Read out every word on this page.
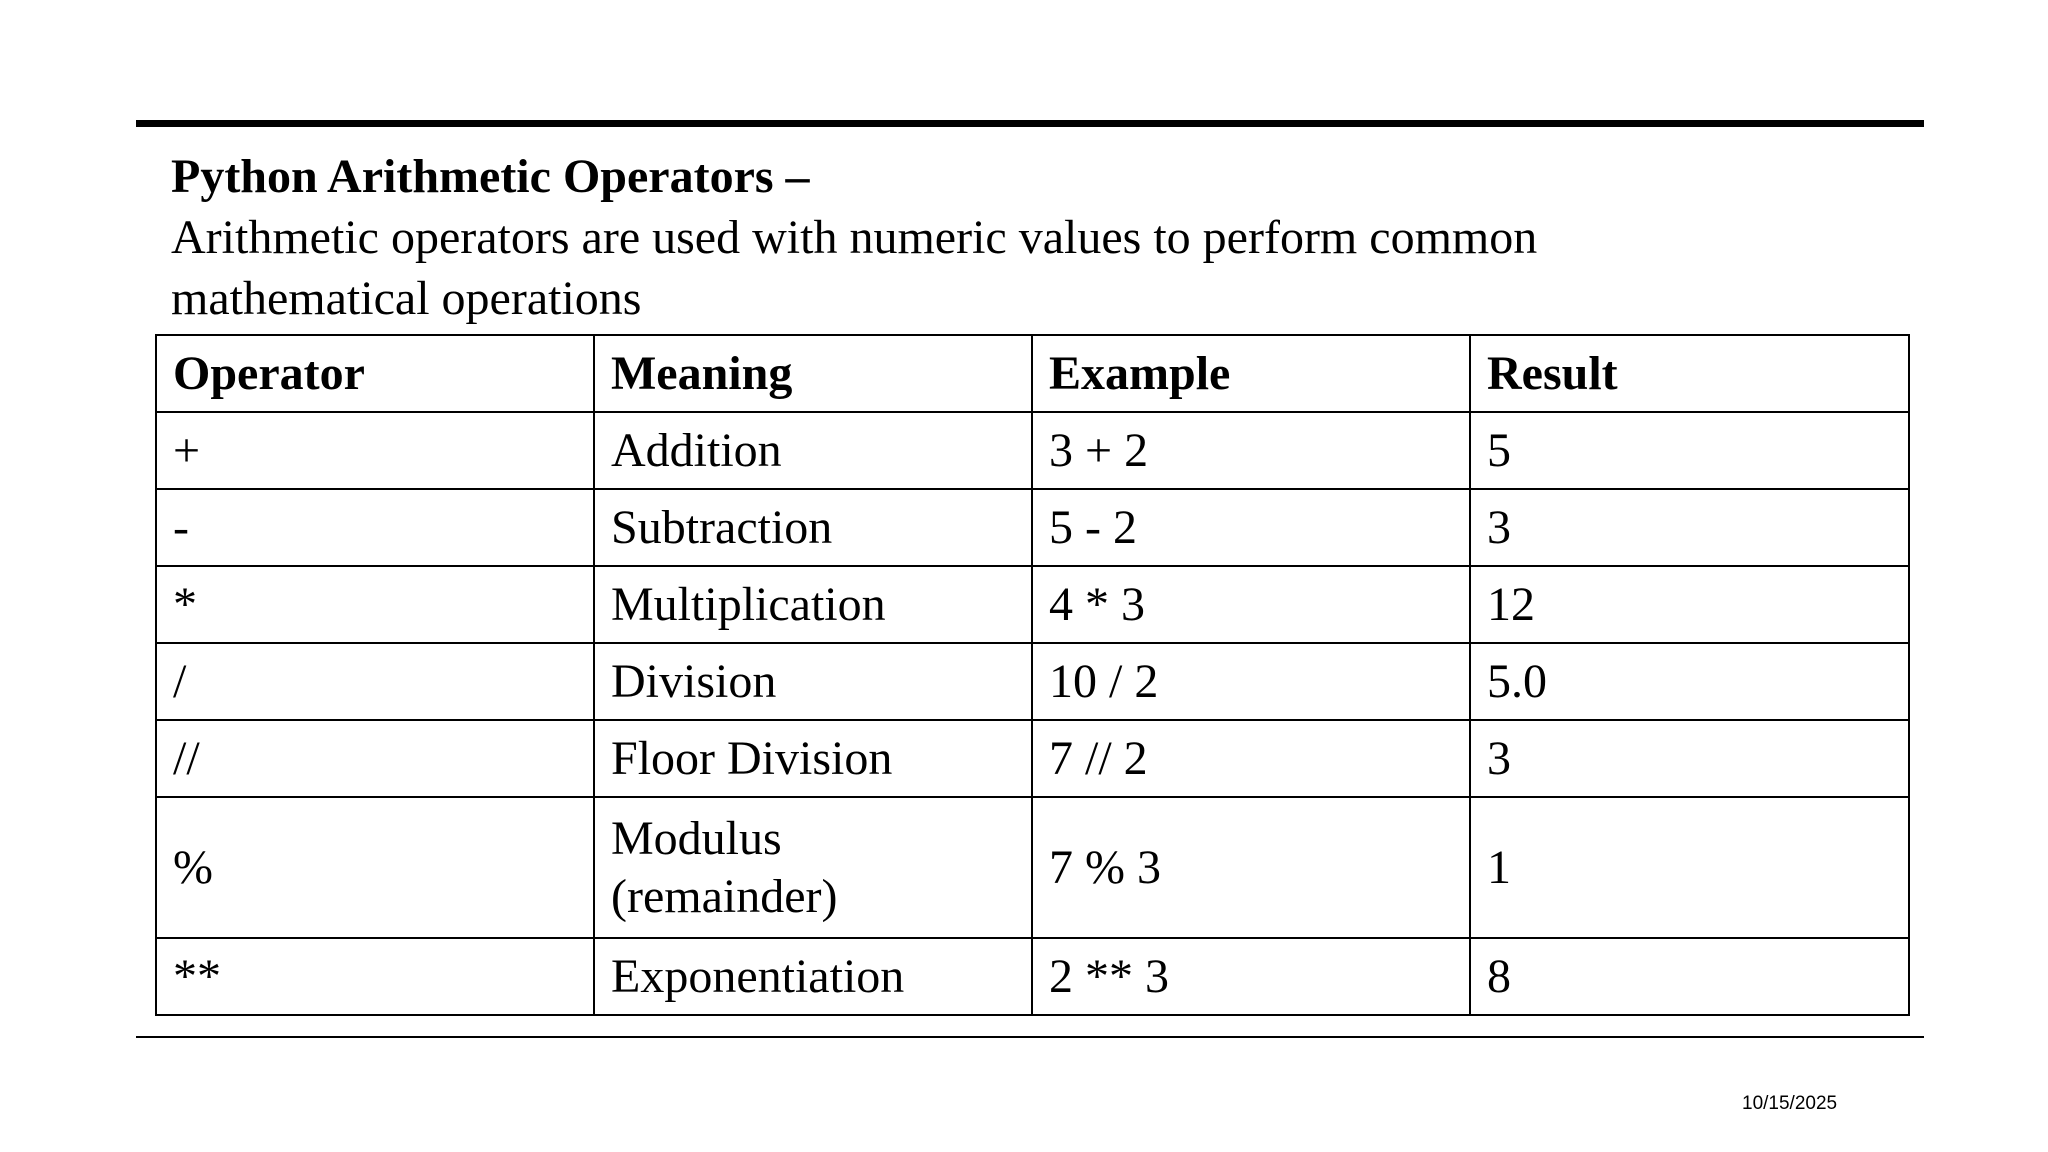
Python Arithmetic Operators –
Arithmetic operators are used with numeric values to perform common mathematical operations
Operator	Meaning	Example	Result
+	Addition	3 + 2	5
-	Subtraction	5 - 2	3
*	Multiplication	4 * 3	12
/	Division	10 / 2	5.0
//	Floor Division	7 // 2	3
%	Modulus (remainder)	7 % 3	1
**	Exponentiation	2 ** 3	8
10/15/2025
